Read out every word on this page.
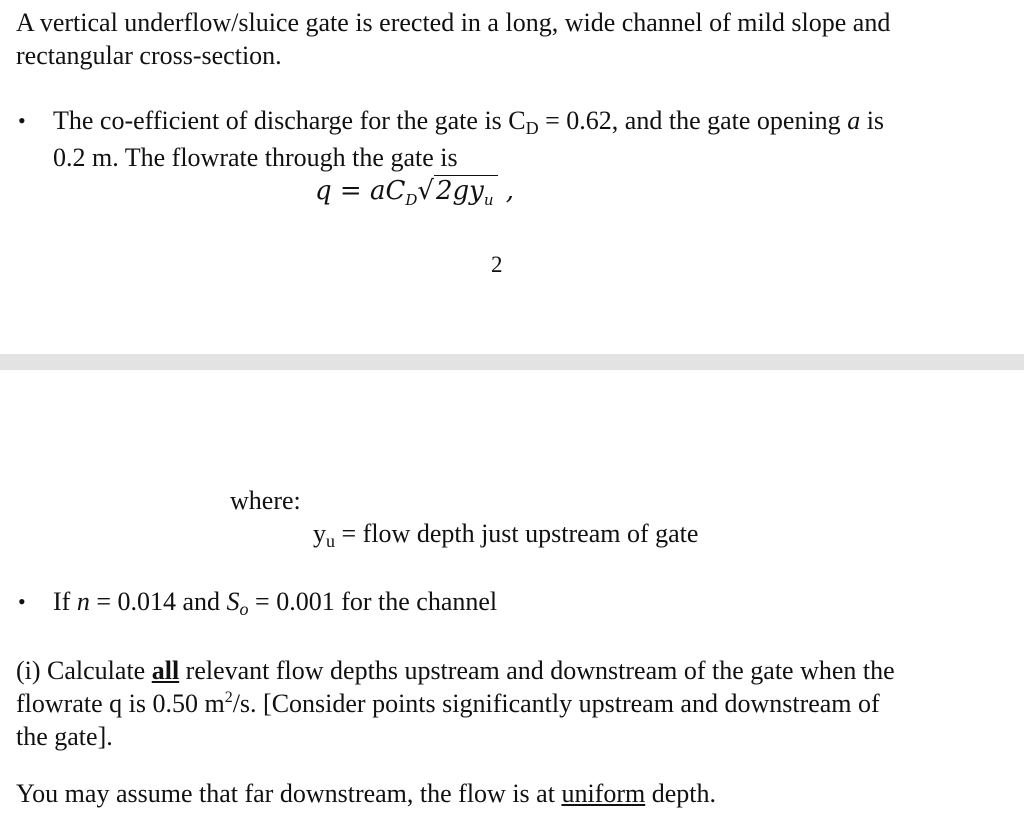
A vertical underflow/sluice gate is erected in a long, wide channel of mild slope and

rectangular cross-section.

• The co-efficient of discharge for the gate is $C_D = 0.62$, and the gate opening a is

0.2 m. The flowrate through the gate is

$q = aC_D√2gy_u$ ,
2

where:

$y_u$ = flow depth just upstream of gate

• If n = 0.014 and $S_o = 0.001$ for the channel

(i) Calculate all relevant flow depths upstream and downstream of the gate when the

flowrate q is 0.50 $m^2/s$. [Consider points significantly upstream and downstream of

the gate].

You may assume that far downstream, the flow is at uniform depth.
